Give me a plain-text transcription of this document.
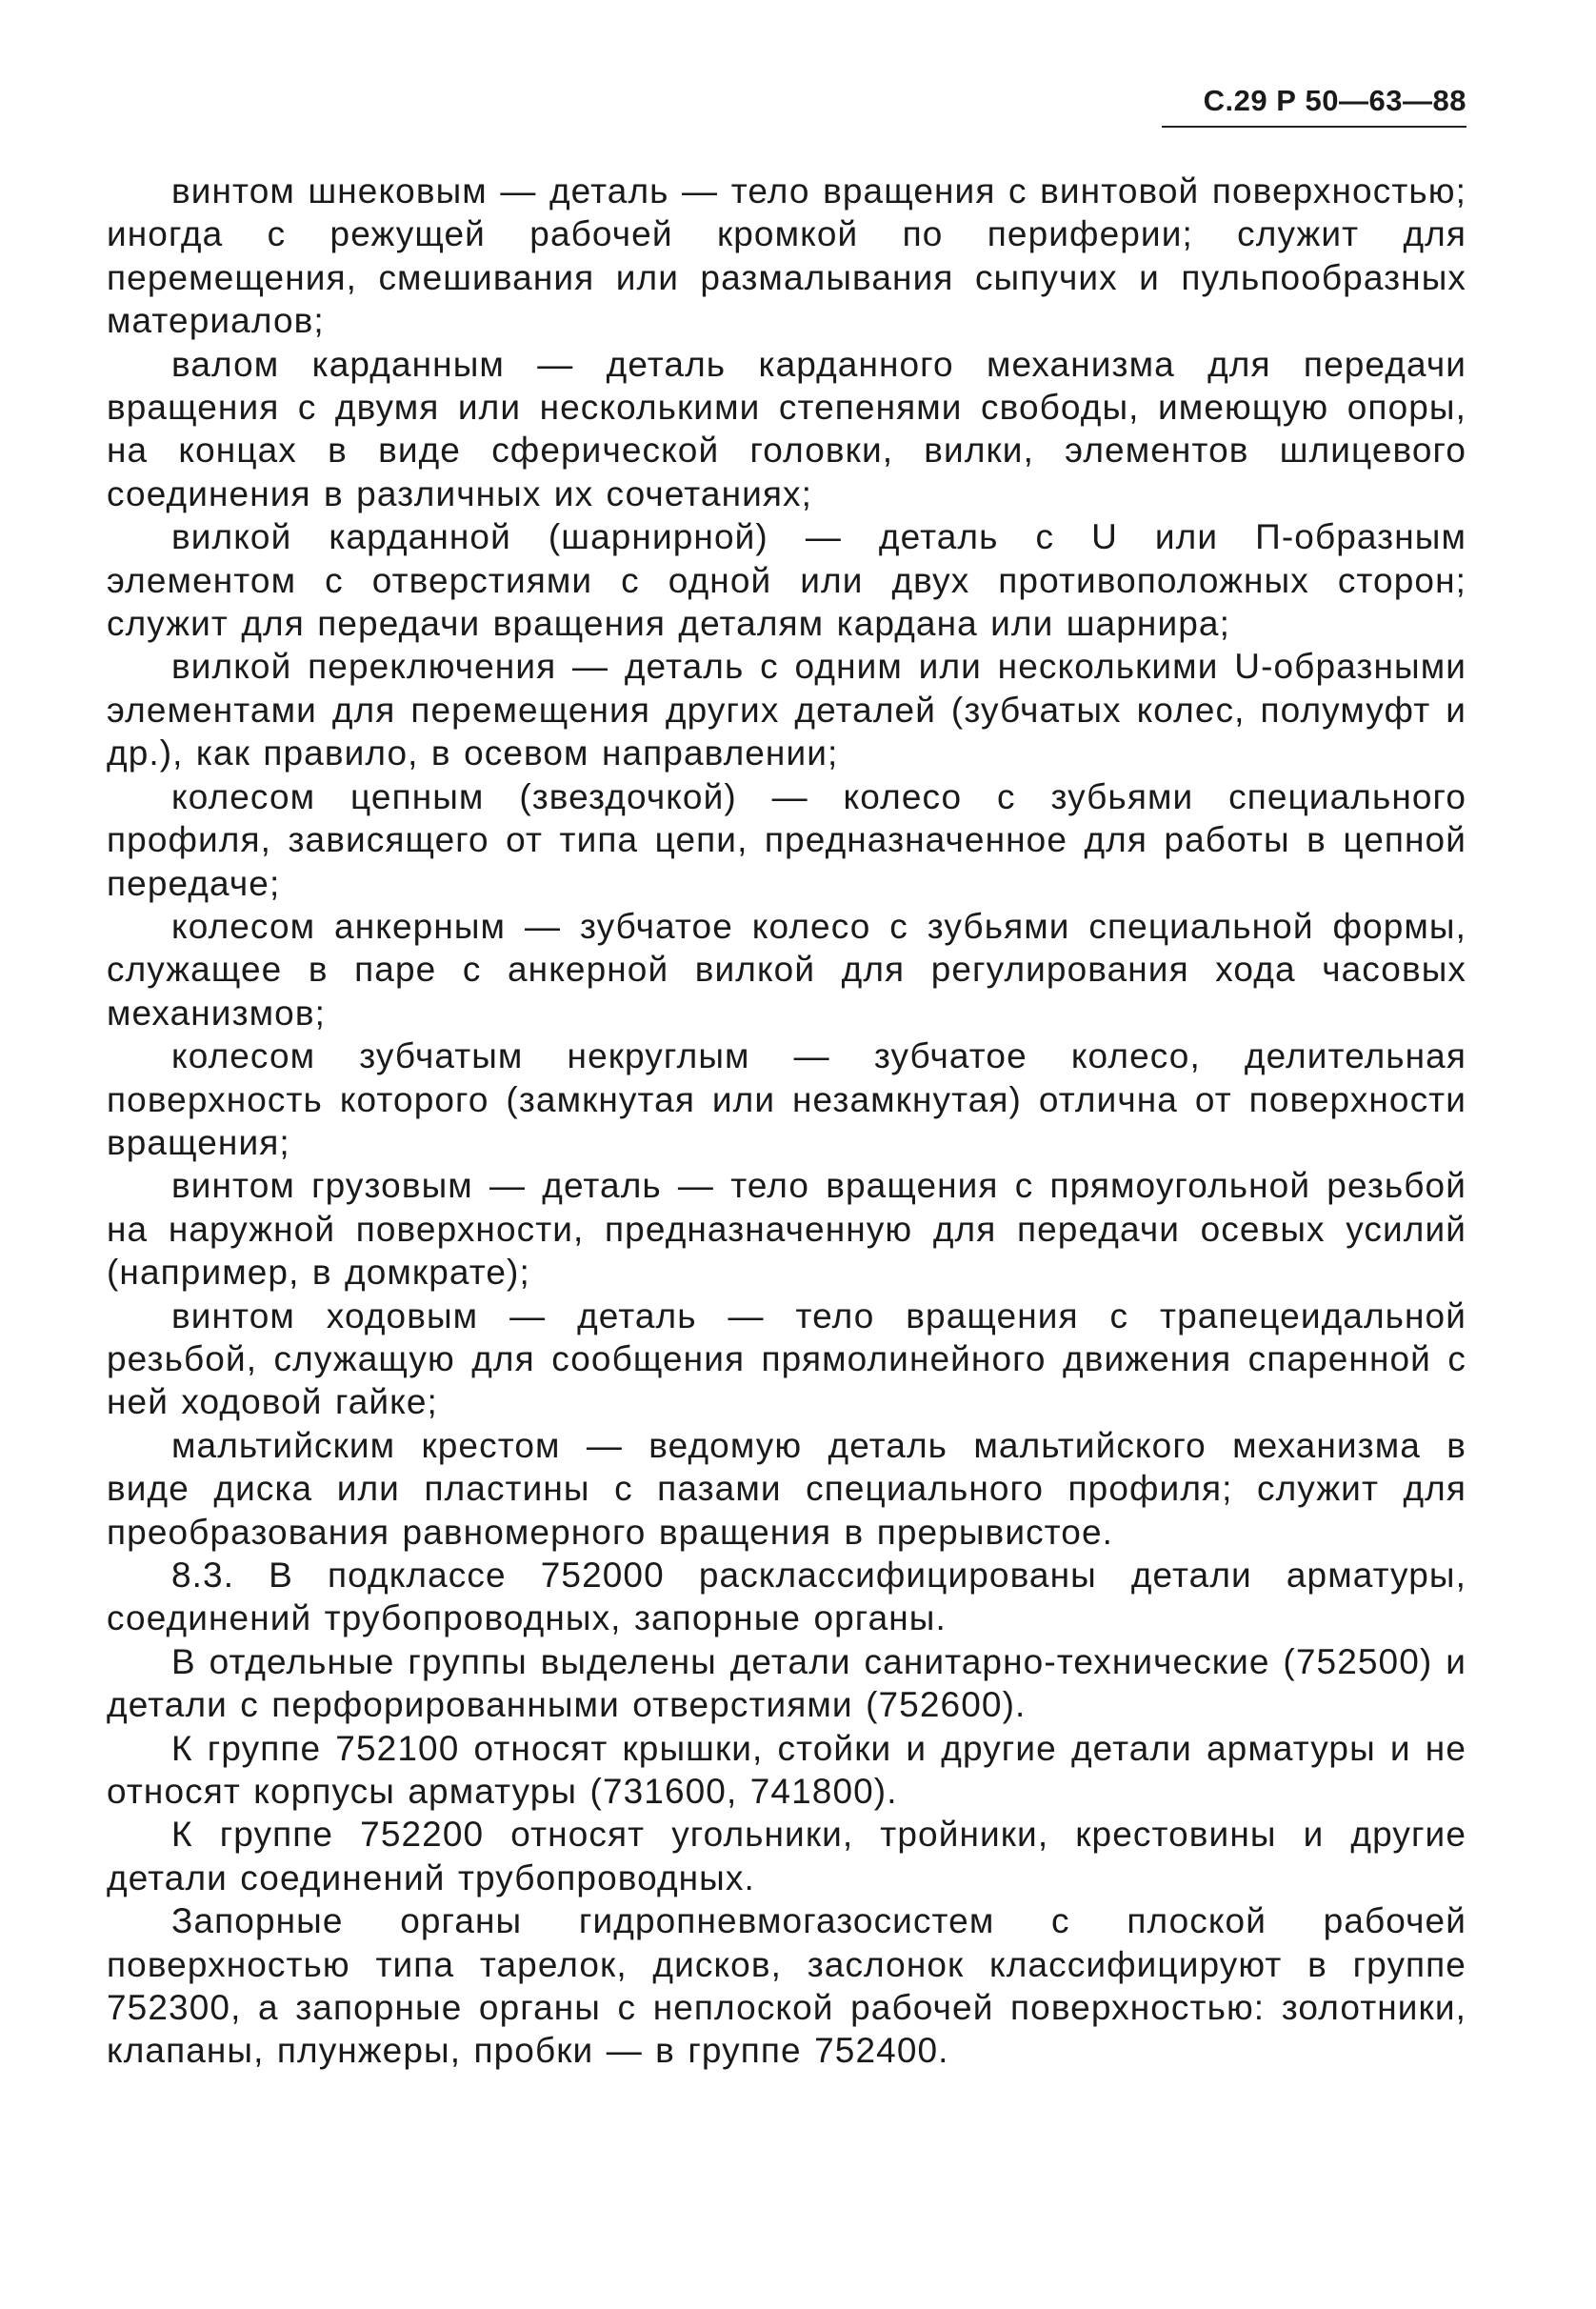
С.29 Р 50—63—88

винтом шнековым — деталь — тело вращения с винтовой поверхностью; иногда с режущей рабочей кромкой по периферии; служит для перемещения, смешивания или размалывания сыпучих и пульпообразных материалов;

валом карданным — деталь карданного механизма для передачи вращения с двумя или несколькими степенями свободы, имеющую опоры, на концах в виде сферической головки, вилки, элементов шлицевого соединения в различных их сочетаниях;

вилкой карданной (шарнирной) — деталь с U или П-образным элементом с отверстиями с одной или двух противоположных сторон; служит для передачи вращения деталям кардана или шарнира;

вилкой переключения — деталь с одним или несколькими U-образными элементами для перемещения других деталей (зубчатых колес, полумуфт и др.), как правило, в осевом направлении;

колесом цепным (звездочкой) — колесо с зубьями специального профиля, зависящего от типа цепи, предназначенное для работы в цепной передаче;

колесом анкерным — зубчатое колесо с зубьями специальной формы, служащее в паре с анкерной вилкой для регулирования хода часовых механизмов;

колесом зубчатым некруглым — зубчатое колесо, делительная поверхность которого (замкнутая или незамкнутая) отлична от поверхности вращения;

винтом грузовым — деталь — тело вращения с прямоугольной резьбой на наружной поверхности, предназначенную для передачи осевых усилий (например, в домкрате);

винтом ходовым — деталь — тело вращения с трапецеидальной резьбой, служащую для сообщения прямолинейного движения спаренной с ней ходовой гайке;

мальтийским крестом — ведомую деталь мальтийского механизма в виде диска или пластины с пазами специального профиля; служит для преобразования равномерного вращения в прерывистое.

8.3. В подклассе 752000 расклассифицированы детали арматуры, соединений трубопроводных, запорные органы.

В отдельные группы выделены детали санитарно-технические (752500) и детали с перфорированными отверстиями (752600).

К группе 752100 относят крышки, стойки и другие детали арматуры и не относят корпусы арматуры (731600, 741800).

К группе 752200 относят угольники, тройники, крестовины и другие детали соединений трубопроводных.

Запорные органы гидропневмогазосистем с плоской рабочей поверхностью типа тарелок, дисков, заслонок классифицируют в группе 752300, а запорные органы с неплоской рабочей поверхностью: золотники, клапаны, плунжеры, пробки — в группе 752400.
